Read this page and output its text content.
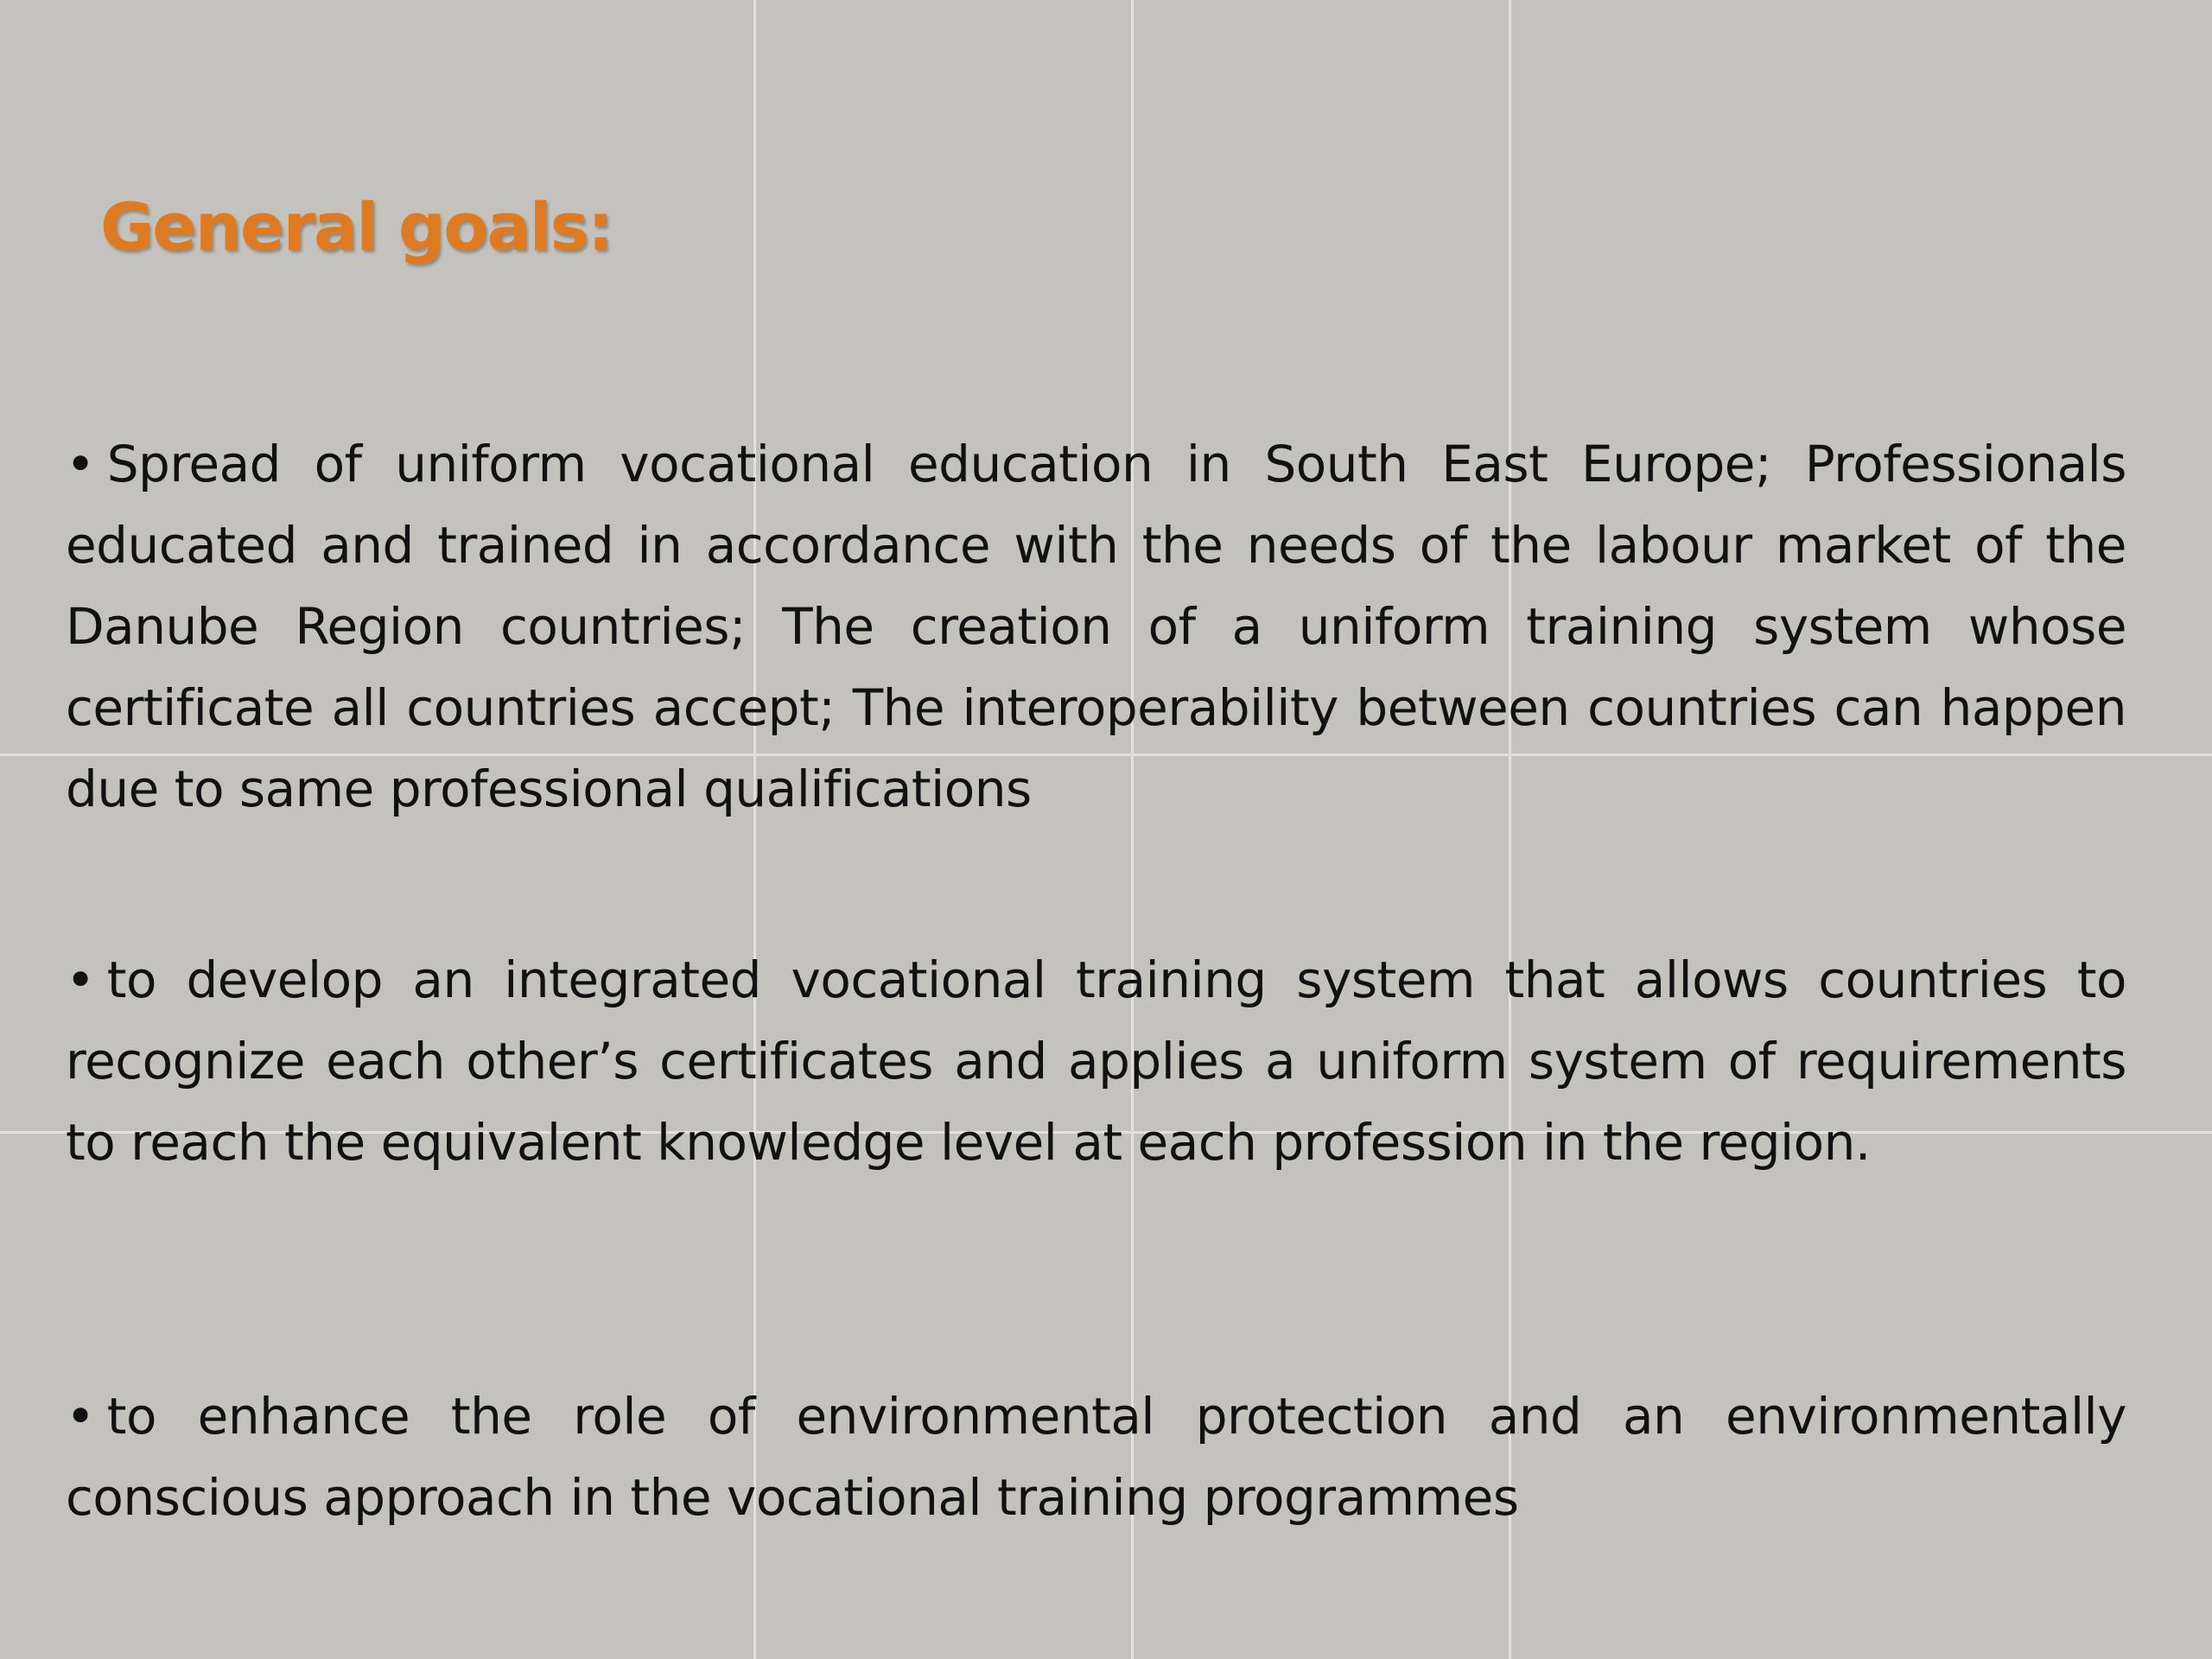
General goals:

• Spread of uniform vocational education in South East Europe; Professionals educated and trained in accordance with the needs of the labour market of the Danube Region countries; The creation of a uniform training system whose certificate all countries accept; The interoperability between countries can happen due to same professional qualifications

• to develop an integrated vocational training system that allows countries to recognize each other’s certificates and applies a uniform system of requirements to reach the equivalent knowledge level at each profession in the region.

• to enhance the role of environmental protection and an environmentally conscious approach in the vocational training programmes
